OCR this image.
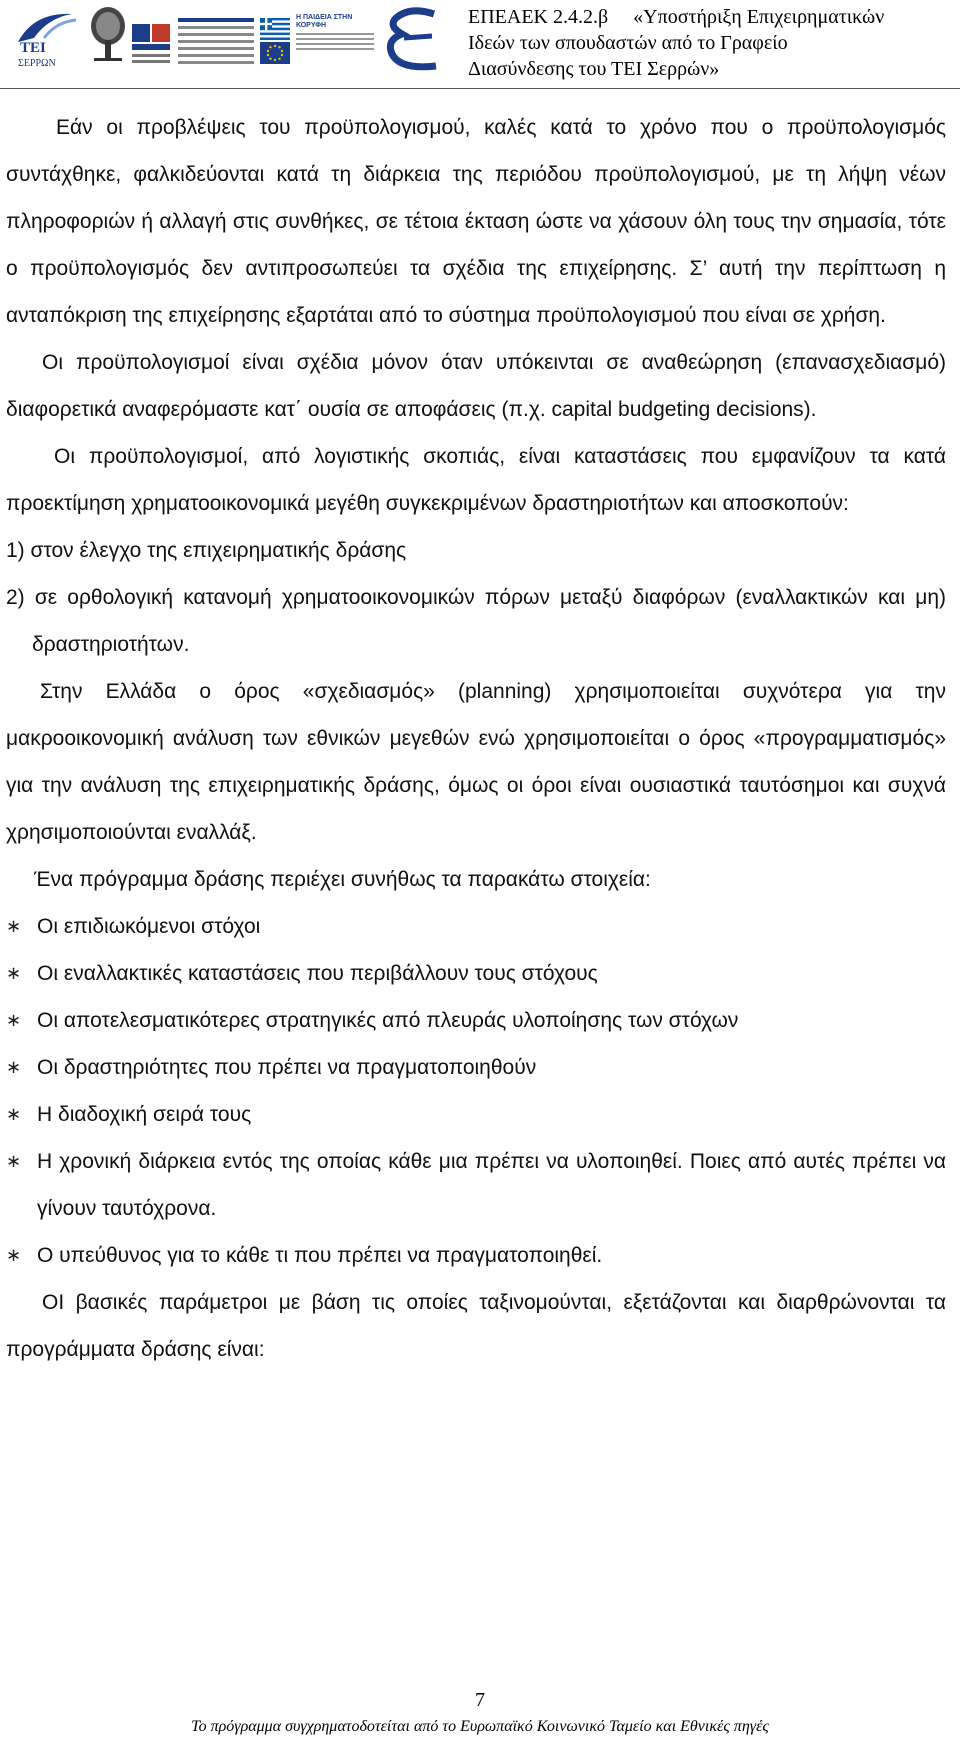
ΤΕΙ
ΣΕΡΡΩΝ
Η ΠΑΙΔΕΙΑ ΣΤΗΝ ΚΟΡΥΦΗ	ΕΠΕΑΕΚ 2.4.2.β     «Υποστήριξη Επιχειρηματικών
Ιδεών των σπουδαστών από το Γραφείο
Διασύνδεσης του ΤΕΙ Σερρών»

Εάν οι προβλέψεις του προϋπολογισμού, καλές κατά το χρόνο που ο προϋπολογισμός συντάχθηκε, φαλκιδεύονται κατά τη διάρκεια της περιόδου προϋπολογισμού, με τη λήψη νέων πληροφοριών ή αλλαγή στις συνθήκες, σε τέτοια έκταση ώστε να χάσουν όλη τους την σημασία, τότε ο προϋπολογισμός δεν αντιπροσωπεύει τα σχέδια της επιχείρησης. Σ’ αυτή την περίπτωση η ανταπόκριση της επιχείρησης εξαρτάται από το σύστημα προϋπολογισμού που είναι σε χρήση.

Οι προϋπολογισμοί είναι σχέδια μόνον όταν υπόκεινται σε αναθεώρηση (επανασχεδιασμό) διαφορετικά αναφερόμαστε κατ΄ ουσία σε αποφάσεις (π.χ. capital budgeting decisions).

Οι προϋπολογισμοί, από λογιστικής σκοπιάς, είναι καταστάσεις που εμφανίζουν τα κατά προεκτίμηση χρηματοοικονομικά μεγέθη συγκεκριμένων δραστηριοτήτων και αποσκοπούν:

1) στον έλεγχο της επιχειρηματικής δράσης

2) σε ορθολογική κατανομή χρηματοοικονομικών πόρων μεταξύ διαφόρων (εναλλακτικών και μη) δραστηριοτήτων.

Στην Ελλάδα ο όρος «σχεδιασμός» (planning) χρησιμοποιείται συχνότερα για την μακροοικονομική ανάλυση των εθνικών μεγεθών ενώ χρησιμοποιείται ο όρος «προγραμματισμός» για την ανάλυση της επιχειρηματικής δράσης, όμως οι όροι είναι ουσιαστικά ταυτόσημοι και συχνά χρησιμοποιούνται εναλλάξ.

Ένα πρόγραμμα δράσης περιέχει συνήθως τα παρακάτω στοιχεία:

∗ Οι επιδιωκόμενοι στόχοι

∗ Οι εναλλακτικές καταστάσεις που περιβάλλουν τους στόχους

∗ Οι αποτελεσματικότερες στρατηγικές από πλευράς υλοποίησης των στόχων

∗ Οι δραστηριότητες που πρέπει να πραγματοποιηθούν

∗ Η διαδοχική σειρά τους

∗ Η χρονική διάρκεια εντός της οποίας κάθε μια πρέπει να υλοποιηθεί. Ποιες από αυτές πρέπει να γίνουν ταυτόχρονα.

∗ Ο υπεύθυνος για το κάθε τι που πρέπει να πραγματοποιηθεί.

ΟΙ βασικές παράμετροι με βάση τις οποίες ταξινομούνται, εξετάζονται και διαρθρώνονται τα προγράμματα δράσης είναι:

7
Το πρόγραμμα συγχρηματοδοτείται από το Ευρωπαϊκό Κοινωνικό Ταμείο και Εθνικές πηγές
